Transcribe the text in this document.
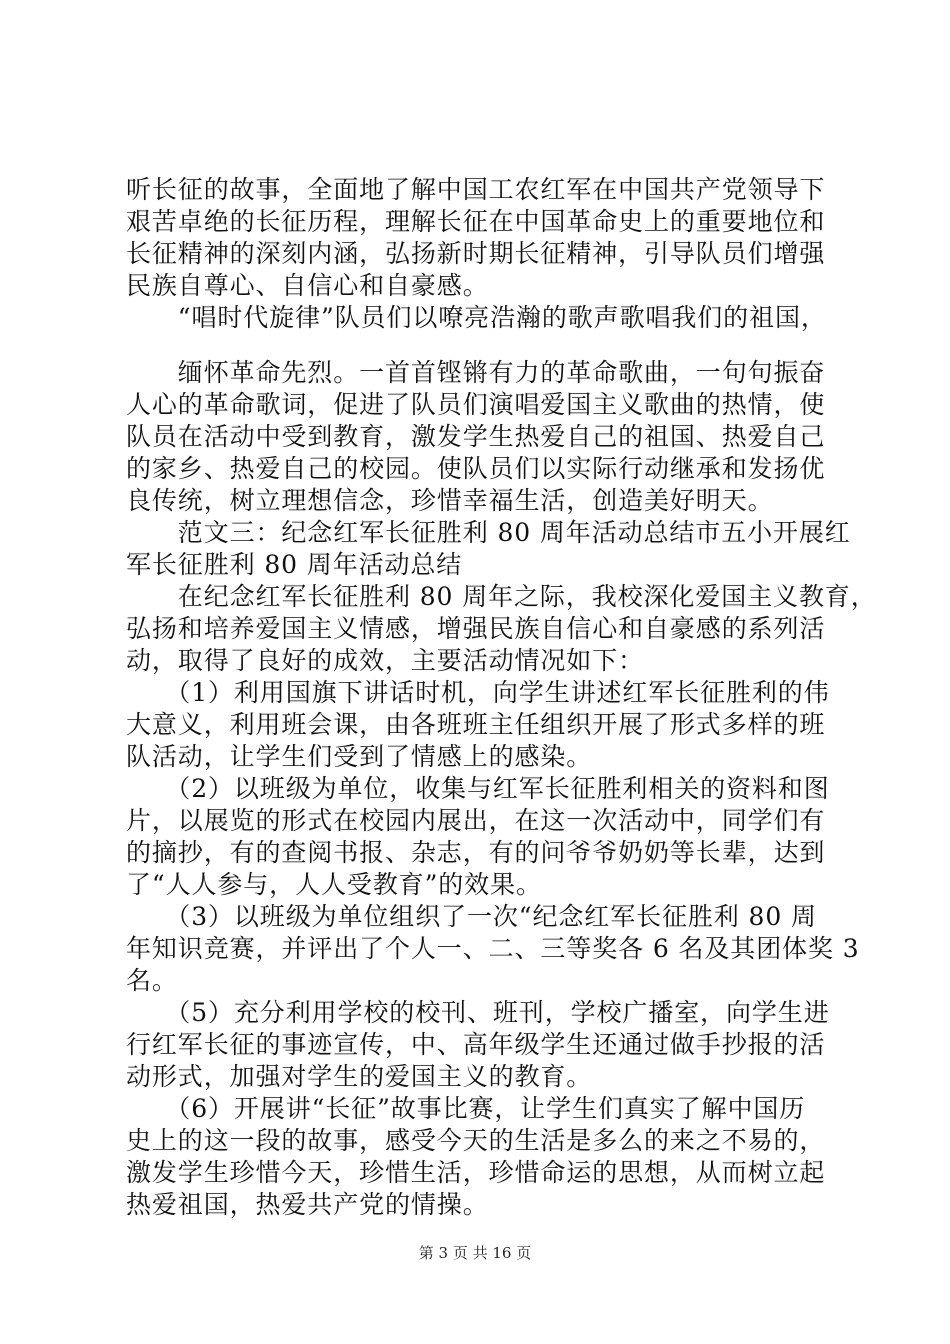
听长征的故事，全面地了解中国工农红军在中国共产党领导下
艰苦卓绝的长征历程，理解长征在中国革命史上的重要地位和
长征精神的深刻内涵，弘扬新时期长征精神，引导队员们增强
民族自尊心、自信心和自豪感。
　　“唱时代旋律”队员们以嘹亮浩瀚的歌声歌唱我们的祖国，
　　缅怀革命先烈。一首首铿锵有力的革命歌曲，一句句振奋
人心的革命歌词，促进了队员们演唱爱国主义歌曲的热情，使
队员在活动中受到教育，激发学生热爱自己的祖国、热爱自己
的家乡、热爱自己的校园。使队员们以实际行动继承和发扬优
良传统，树立理想信念，珍惜幸福生活，创造美好明天。
　　范文三：纪念红军长征胜利 80 周年活动总结市五小开展红
军长征胜利 80 周年活动总结
　　在纪念红军长征胜利 80 周年之际，我校深化爱国主义教育，
弘扬和培养爱国主义情感，增强民族自信心和自豪感的系列活
动，取得了良好的成效，主要活动情况如下：
　　（1）利用国旗下讲话时机，向学生讲述红军长征胜利的伟
大意义，利用班会课，由各班班主任组织开展了形式多样的班
队活动，让学生们受到了情感上的感染。
　　（2）以班级为单位，收集与红军长征胜利相关的资料和图
片，以展览的形式在校园内展出，在这一次活动中，同学们有
的摘抄，有的查阅书报、杂志，有的问爷爷奶奶等长辈，达到
了“人人参与，人人受教育”的效果。
　　（3）以班级为单位组织了一次“纪念红军长征胜利 80 周
年知识竞赛，并评出了个人一、二、三等奖各 6 名及其团体奖 3
名。
　　（5）充分利用学校的校刊、班刊，学校广播室，向学生进
行红军长征的事迹宣传，中、高年级学生还通过做手抄报的活
动形式，加强对学生的爱国主义的教育。
　　（6）开展讲“长征”故事比赛，让学生们真实了解中国历
史上的这一段的故事，感受今天的生活是多么的来之不易的，
激发学生珍惜今天，珍惜生活，珍惜命运的思想，从而树立起
热爱祖国，热爱共产党的情操。
第 3 页 共 16 页
